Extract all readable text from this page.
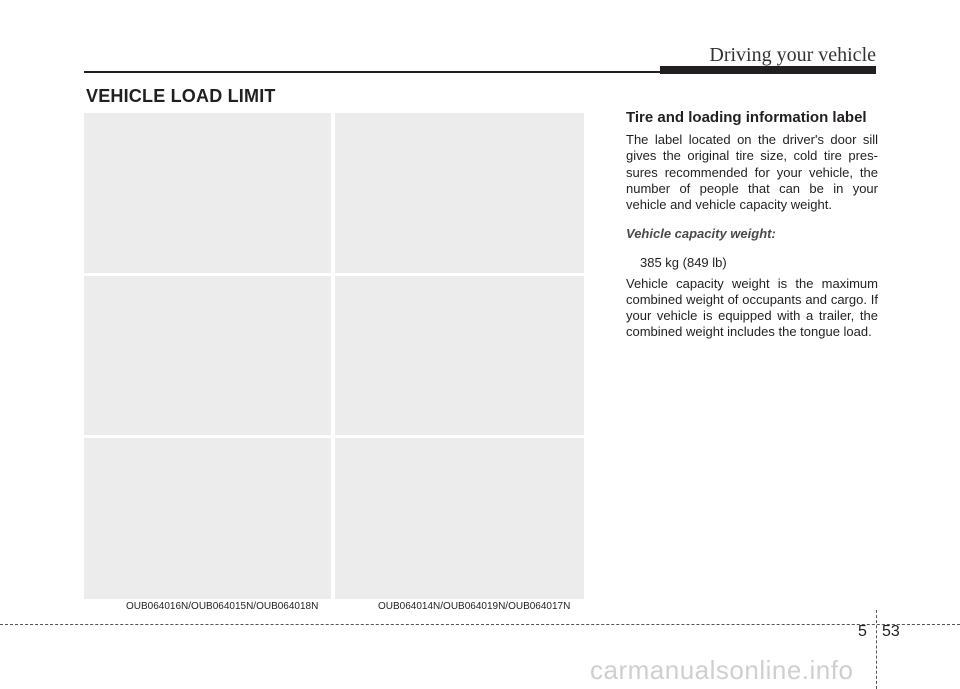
Driving your vehicle
VEHICLE LOAD LIMIT
OUB064016N/OUB064015N/OUB064018N	OUB064014N/OUB064019N/OUB064017N
Tire and loading information label

The label located on the driver's door sill gives the original tire size, cold tire pres-sures recommended for your vehicle, the number of people that can be in your vehicle and vehicle capacity weight.

Vehicle capacity weight:

385 kg (849 lb)

Vehicle capacity weight is the maximum combined weight of occupants and cargo. If your vehicle is equipped with a trailer, the combined weight includes the tongue load.

5 53
carmanualsonline.info
